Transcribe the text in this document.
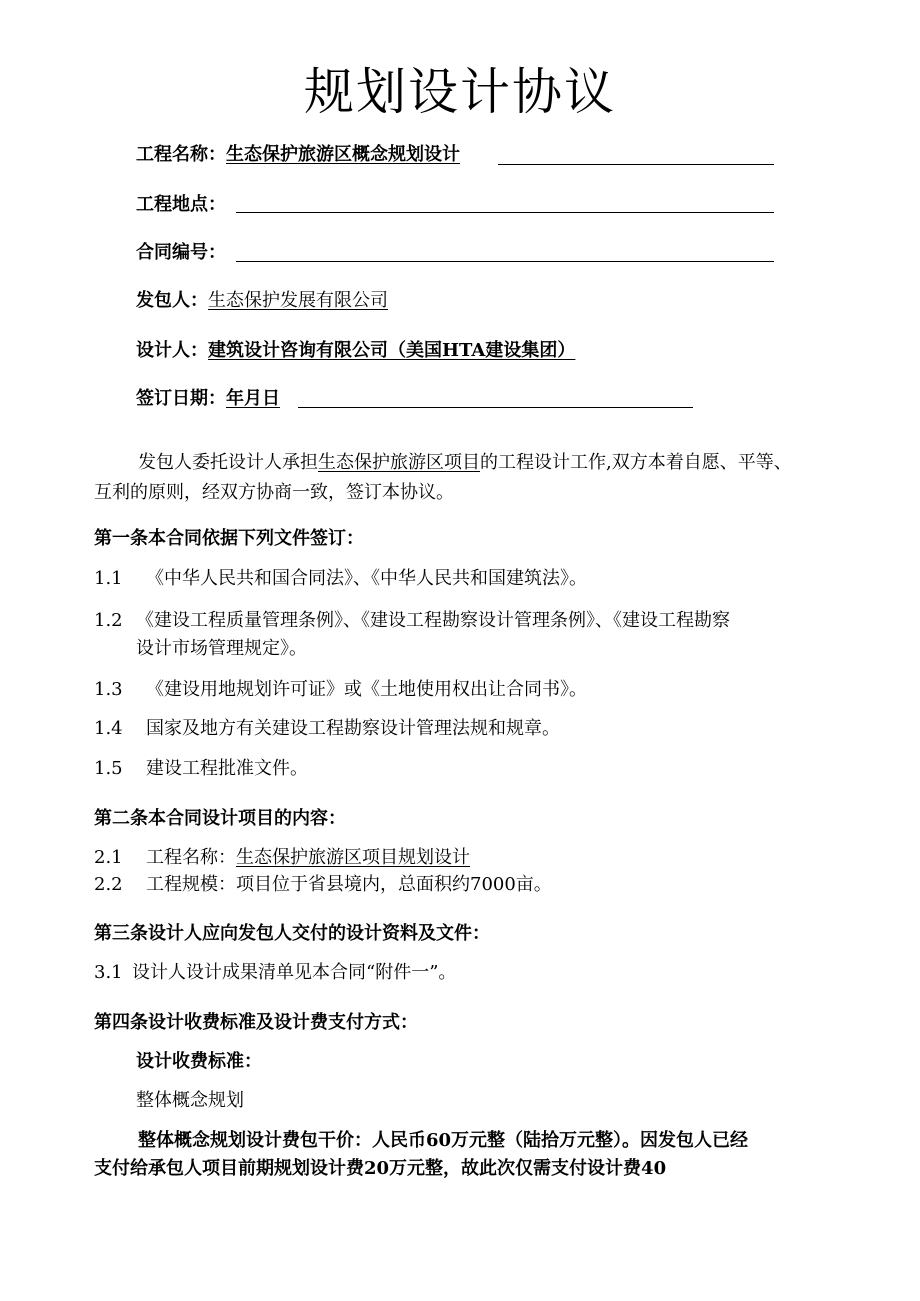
规划设计协议
工程名称：生态保护旅游区概念规划设计
工程地点：
合同编号：
发包人：生态保护发展有限公司
设计人：建筑设计咨询有限公司（美国HTA建设集团）
签订日期：年月日
发包人委托设计人承担生态保护旅游区项目的工程设计工作,双方本着自愿、平等、
互利的原则，经双方协商一致，签订本协议。
第一条本合同依据下列文件签订：
1.1 《中华人民共和国合同法》、《中华人民共和国建筑法》。
1.2 《建设工程质量管理条例》、《建设工程勘察设计管理条例》、《建设工程勘察
设计市场管理规定》。
1.3 《建设用地规划许可证》或《土地使用权出让合同书》。
1.4 国家及地方有关建设工程勘察设计管理法规和规章。
1.5 建设工程批准文件。
第二条本合同设计项目的内容：
2.1 工程名称：生态保护旅游区项目规划设计
2.2 工程规模：项目位于省县境内，总面积约7000亩。
第三条设计人应向发包人交付的设计资料及文件：
3.1 设计人设计成果清单见本合同“附件一”。
第四条设计收费标准及设计费支付方式：
设计收费标准：
整体概念规划
整体概念规划设计费包干价：人民币60万元整（陆拾万元整）。因发包人已经
支付给承包人项目前期规划设计费20万元整，故此次仅需支付设计费40
